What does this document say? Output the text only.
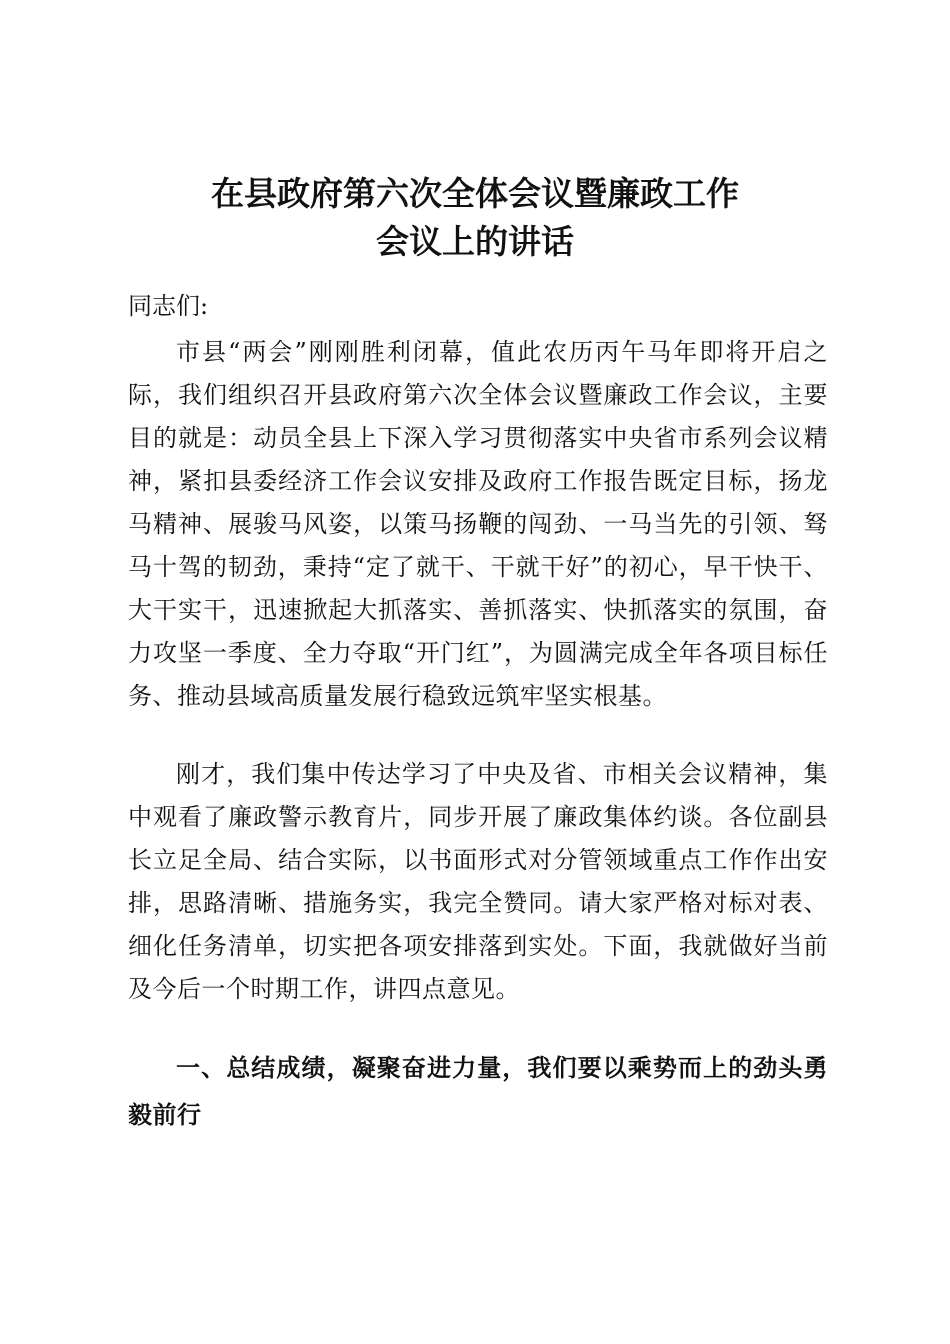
在县政府第六次全体会议暨廉政工作
会议上的讲话

同志们:

市县“两会”刚刚胜利闭幕，值此农历丙午马年即将开启之际，我们组织召开县政府第六次全体会议暨廉政工作会议，主要目的就是：动员全县上下深入学习贯彻落实中央省市系列会议精神，紧扣县委经济工作会议安排及政府工作报告既定目标，扬龙马精神、展骏马风姿，以策马扬鞭的闯劲、一马当先的引领、驽马十驾的韧劲，秉持“定了就干、干就干好”的初心，早干快干、大干实干，迅速掀起大抓落实、善抓落实、快抓落实的氛围，奋力攻坚一季度、全力夺取“开门红”，为圆满完成全年各项目标任务、推动县域高质量发展行稳致远筑牢坚实根基。

刚才，我们集中传达学习了中央及省、市相关会议精神，集中观看了廉政警示教育片，同步开展了廉政集体约谈。各位副县长立足全局、结合实际，以书面形式对分管领域重点工作作出安排，思路清晰、措施务实，我完全赞同。请大家严格对标对表、细化任务清单，切实把各项安排落到实处。下面，我就做好当前及今后一个时期工作，讲四点意见。

一、总结成绩，凝聚奋进力量，我们要以乘势而上的劲头勇毅前行
